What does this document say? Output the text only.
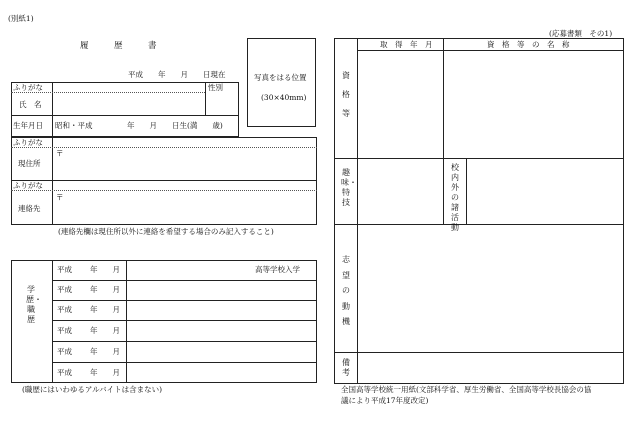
(別紙1)
(応募書類　その1)
履　　　歴　　　書
平成　　年　　月　　日現在	写真をはる位置
(30×40mm)
ふりがな	性別
氏　名
生年月日 昭和・平成	年　　月　　日生(満　　歳)
ふりがな
現住所
〒
ふりがな
連絡先
〒
(連絡先欄は現住所以外に連絡を希望する場合のみ記入すること)
学歴・職歴
平成 年　　月	高等学校入学
平成 年　　月
平成 年　　月
平成 年　　月
平成 年　　月
平成 年　　月
(職歴にはいわゆるアルバイトは含まない)
取　得　年　月	資　格　等　の　名　称
資格等
趣味・特技
校内外の諸活動
志望の動機
備考
全国高等学校統一用紙(文部科学省、厚生労働省、全国高等学校長協会の協
議により平成17年度改定)
